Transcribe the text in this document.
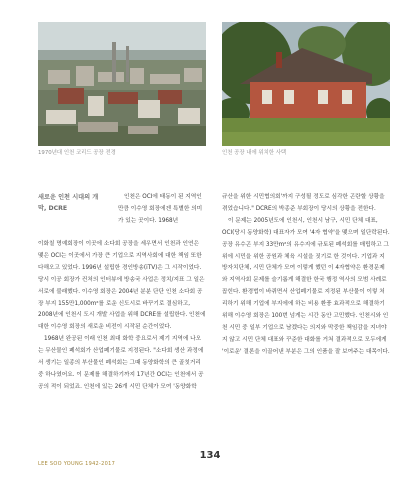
1970년대 인천 코리드 공장 전경	인천 공장 내에 위치한 사택
새로운 인천 시대의 개막, DCRE

인천은 OCI에 태동이 된 지역인 만큼 이수영 회장에겐 특별한 의미가 있는 곳이다. 1968년

이화칠 명예회장이 이곳에 소다회 공장을 세우면서 인천과 인연은 맺은 OCI는 이곳에서 가장 큰 기업으로 지역사회에 대한 책임 또한 다해오고 있었다. 1996년 설립한 경인방송(iTV)은 그 시작이었다. 당시 이공 회장가 컨처의 인터뷰에 방송국 사업은 정치/지표 그 일은 서로에 불래했다. 이수영 회장은 2004년 분분 단단 인천 소다회 공장 부지 155만1,000m²를 로운 신도시로 바꾸기로 결심하고, 2008년에 인천시 도시 개발 사업을 위해 DCRE를 설립한다. 인천에 대한 이수영 회장의 새로운 비전이 시작된 순간이었다.

1968년 완공된 이래 인천 최대 화학 중요로서 제기 지역에 나오는 무산물인 폐석회가 산업폐기물로 지정된다. "소다회 생산 과정에서 생기는 일종의 부산물인 폐석회는 그때 동양화학의 큰 골칫거리 중 하나였어요. 이 문제를 해결하기까지 17년간 OCI는 인천에서 공공의 적이 되었죠. 인천에 있는 26개 시민 단체가 모여 '동양화학

규산을 위한 시민협의회'까지 구성될 정도로 심각한 곤란할 상황을 겪었습니다." DCRE의 박종준 부회장이 당시의 상황을 전한다.

이 문제는 2005년도에 인천시, 인천시 남구, 시민 단체 대표, OCI(당시 동양화학) 대표자가 모여 '4자 협약'을 맺으며 일단락된다. 공장 유수곤 부지 33만m²의 유수지에 규토된 폐석회를 매립하고 그 위에 시민을 위한 공원과 체육 시설을 짓기로 한 것이다. 기업과 지방자치단체, 시민 단체가 모여 이렇게 했던 이 4자협약은 환경문제와 지역사회 문제를 슬기롭게 해결한 한국 행정 역사의 모범 사례로 꼽힌다. 환경법이 바뀌면서 산업폐기물로 지정된 부산물이 이렇 처리하기 위해 기업에 부지에에 하는 비용 환풍 효과적으로 해결하기 위해 이수영 회장은 100번 넘게는 시간 동안 고민했다. 인천시와 인천 시민 중 일부 기업으로 남겠다는 의지와 막중한 책임감을 지녀야지 않고 시민 단체 대표와 꾸준한 대화를 거쳐 결과적으로 모두에게 '이로운' 결론을 이끌어낸 부분은 그의 인품을 잘 보여주는 대목이다.

LEE SOO YOUNG 1942-2017
134
